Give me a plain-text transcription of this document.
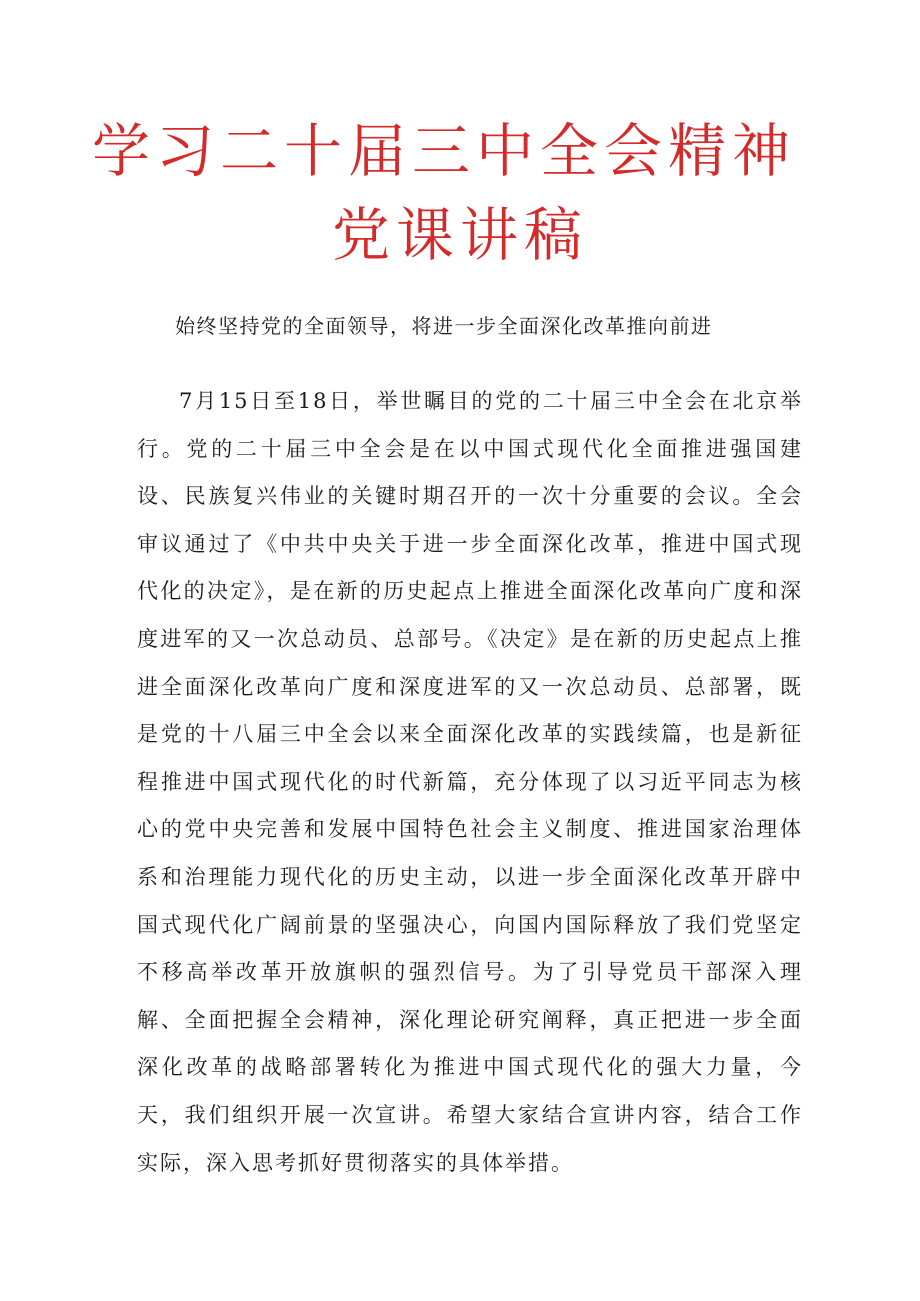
学习二十届三中全会精神
党课讲稿

始终坚持党的全面领导，将进一步全面深化改革推向前进

7月15日至18日，举世瞩目的党的二十届三中全会在北京举行。党的二十届三中全会是在以中国式现代化全面推进强国建设、民族复兴伟业的关键时期召开的一次十分重要的会议。全会审议通过了《中共中央关于进一步全面深化改革，推进中国式现代化的决定》，是在新的历史起点上推进全面深化改革向广度和深度进军的又一次总动员、总部号。《决定》是在新的历史起点上推进全面深化改革向广度和深度进军的又一次总动员、总部署，既是党的十八届三中全会以来全面深化改革的实践续篇，也是新征程推进中国式现代化的时代新篇，充分体现了以习近平同志为核心的党中央完善和发展中国特色社会主义制度、推进国家治理体系和治理能力现代化的历史主动，以进一步全面深化改革开辟中国式现代化广阔前景的坚强决心，向国内国际释放了我们党坚定不移高举改革开放旗帜的强烈信号。为了引导党员干部深入理解、全面把握全会精神，深化理论研究阐释，真正把进一步全面深化改革的战略部署转化为推进中国式现代化的强大力量，今天，我们组织开展一次宣讲。希望大家结合宣讲内容，结合工作实际，深入思考抓好贯彻落实的具体举措。
